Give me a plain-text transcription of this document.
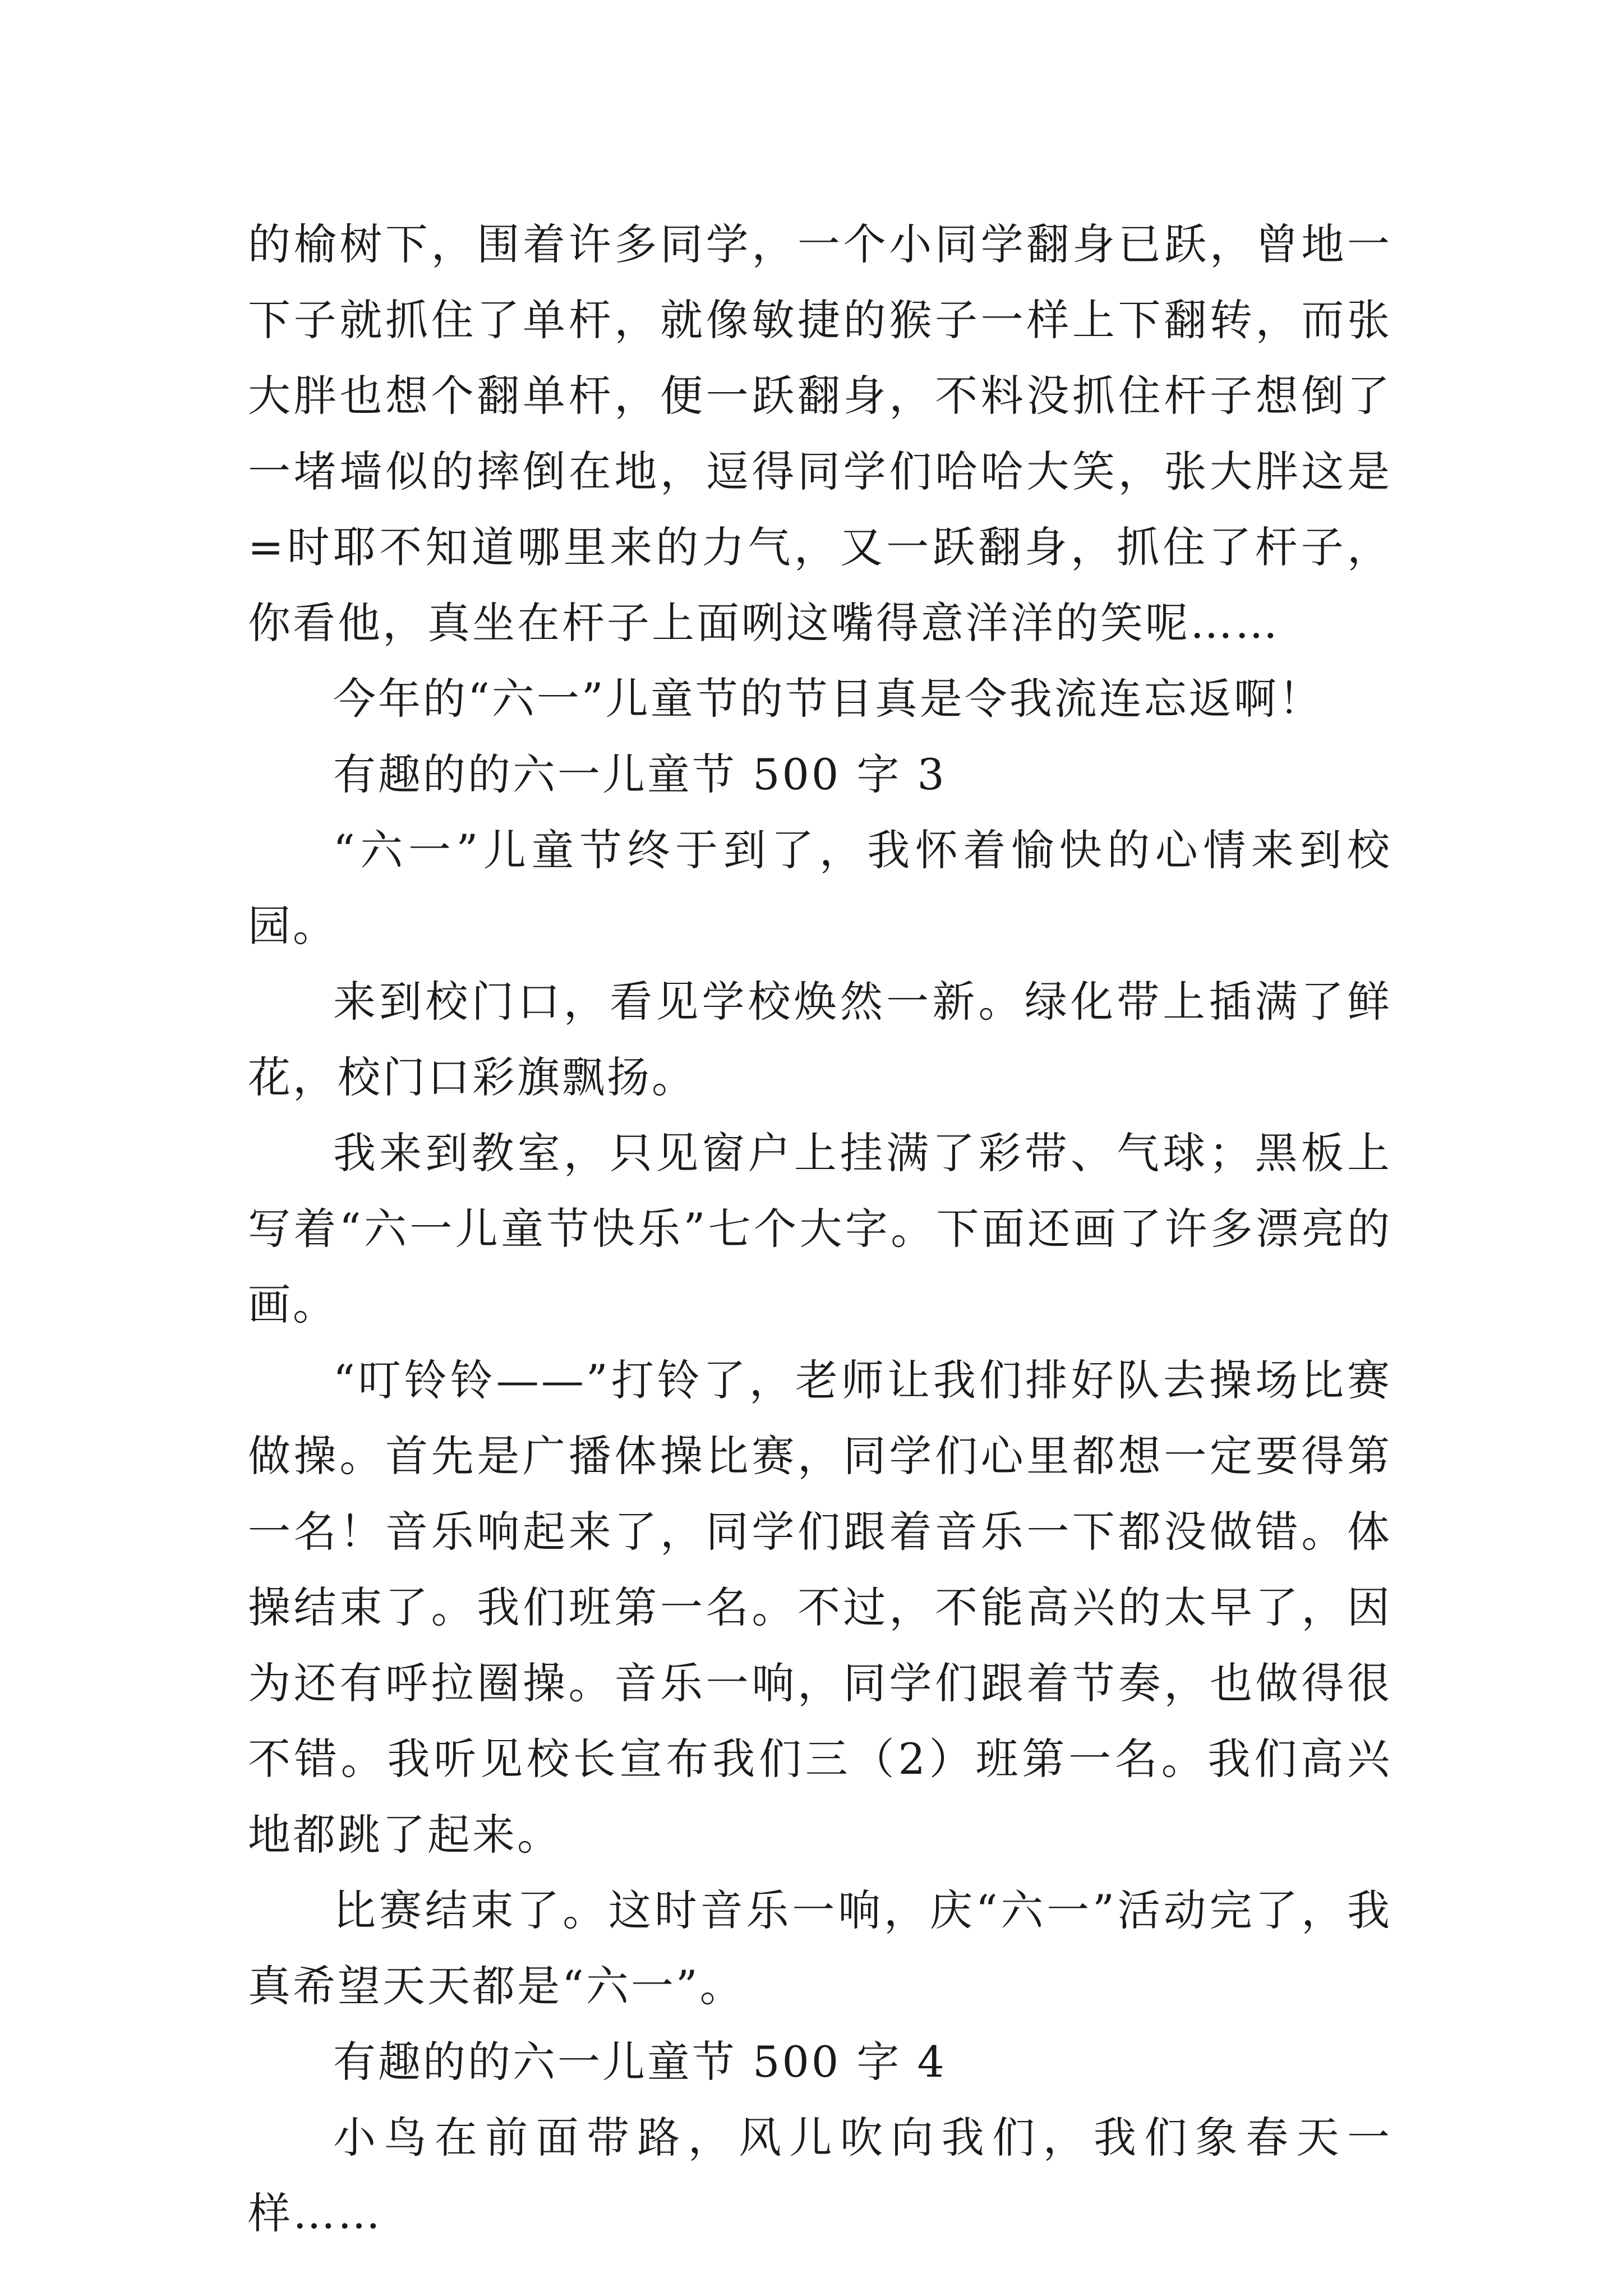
的榆树下，围着许多同学，一个小同学翻身已跃，曾地一下子就抓住了单杆，就像敏捷的猴子一样上下翻转，而张大胖也想个翻单杆，便一跃翻身，不料没抓住杆子想倒了一堵墙似的摔倒在地，逗得同学们哈哈大笑，张大胖这是=时耶不知道哪里来的力气，又一跃翻身，抓住了杆子，你看他，真坐在杆子上面咧这嘴得意洋洋的笑呢……

今年的“六一”儿童节的节目真是令我流连忘返啊！

有趣的的六一儿童节 500 字 3

“六一”儿童节终于到了，我怀着愉快的心情来到校园。

来到校门口，看见学校焕然一新。绿化带上插满了鲜花，校门口彩旗飘扬。

我来到教室，只见窗户上挂满了彩带、气球；黑板上写着“六一儿童节快乐”七个大字。下面还画了许多漂亮的画。

“叮铃铃——”打铃了，老师让我们排好队去操场比赛做操。首先是广播体操比赛，同学们心里都想一定要得第一名！音乐响起来了，同学们跟着音乐一下都没做错。体操结束了。我们班第一名。不过，不能高兴的太早了，因为还有呼拉圈操。音乐一响，同学们跟着节奏，也做得很不错。我听见校长宣布我们三（2）班第一名。我们高兴地都跳了起来。

比赛结束了。这时音乐一响，庆“六一”活动完了，我真希望天天都是“六一”。

有趣的的六一儿童节 500 字 4

小鸟在前面带路，风儿吹向我们，我们象春天一样……
